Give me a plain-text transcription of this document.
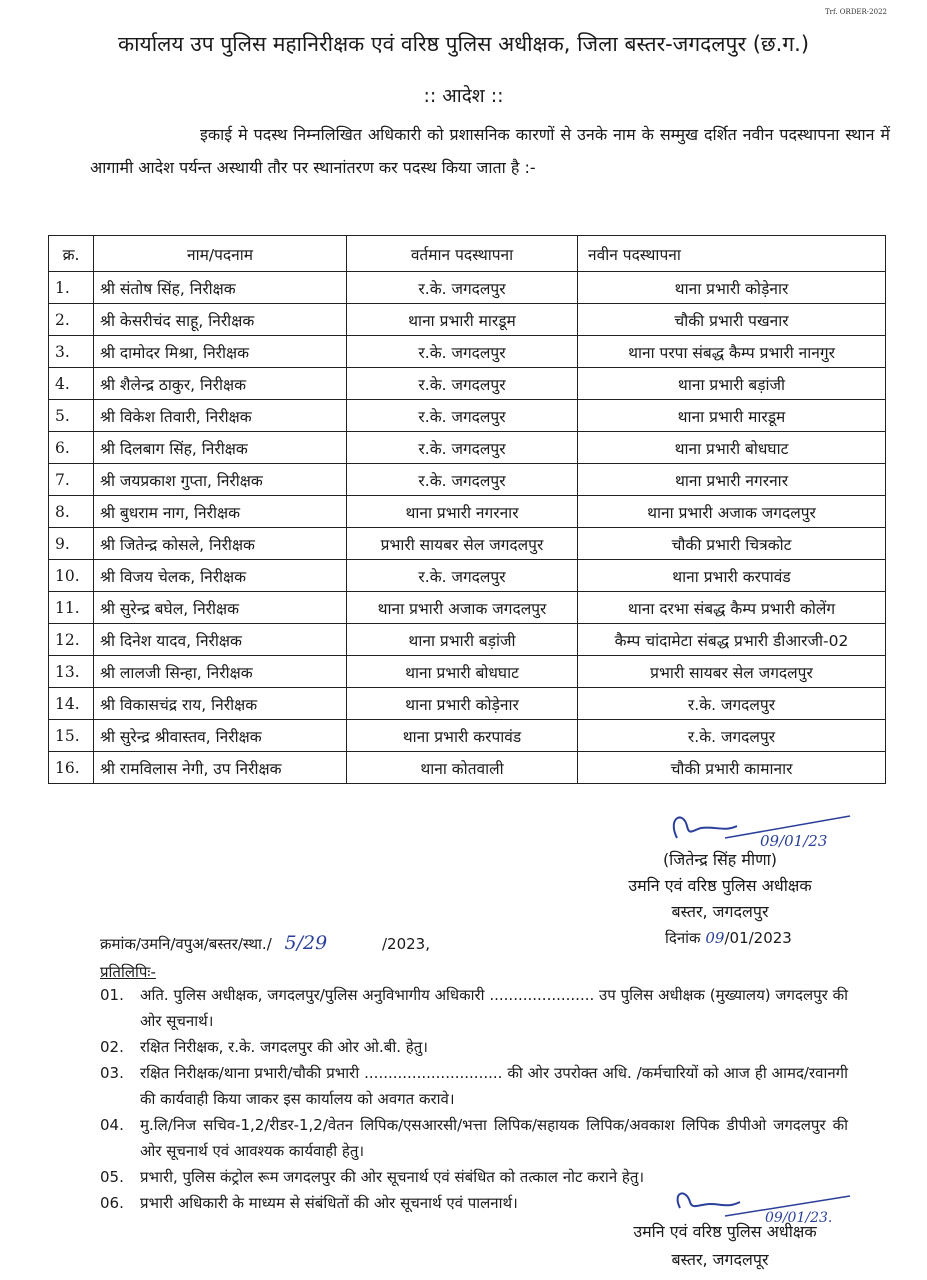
Trf. ORDER-2022
कार्यालय उप पुलिस महानिरीक्षक एवं वरिष्ठ पुलिस अधीक्षक, जिला बस्तर-जगदलपुर (छ.ग.)
:: आदेश ::
इकाई मे पदस्थ निम्नलिखित अधिकारी को प्रशासनिक कारणों से उनके नाम के सम्मुख दर्शित नवीन पदस्थापना स्थान में आगामी आदेश पर्यन्त अस्थायी तौर पर स्थानांतरण कर पदस्थ किया जाता है :-
क्र.	नाम/पदनाम	वर्तमान पदस्थापना	नवीन पदस्थापना
1.	श्री संतोष सिंह, निरीक्षक	र.के. जगदलपुर	थाना प्रभारी कोड़ेनार
2.	श्री केसरीचंद साहू, निरीक्षक	थाना प्रभारी मारडूम	चौकी प्रभारी पखनार
3.	श्री दामोदर मिश्रा, निरीक्षक	र.के. जगदलपुर	थाना परपा संबद्ध कैम्प प्रभारी नानगुर
4.	श्री शैलेन्द्र ठाकुर, निरीक्षक	र.के. जगदलपुर	थाना प्रभारी बड़ांजी
5.	श्री विकेश तिवारी, निरीक्षक	र.के. जगदलपुर	थाना प्रभारी मारडूम
6.	श्री दिलबाग सिंह, निरीक्षक	र.के. जगदलपुर	थाना प्रभारी बोधघाट
7.	श्री जयप्रकाश गुप्ता, निरीक्षक	र.के. जगदलपुर	थाना प्रभारी नगरनार
8.	श्री बुधराम नाग, निरीक्षक	थाना प्रभारी नगरनार	थाना प्रभारी अजाक जगदलपुर
9.	श्री जितेन्द्र कोसले, निरीक्षक	प्रभारी सायबर सेल जगदलपुर	चौकी प्रभारी चित्रकोट
10.	श्री विजय चेलक, निरीक्षक	र.के. जगदलपुर	थाना प्रभारी करपावंड
11.	श्री सुरेन्द्र बघेल, निरीक्षक	थाना प्रभारी अजाक जगदलपुर	थाना दरभा संबद्ध कैम्प प्रभारी कोलेंग
12.	श्री दिनेश यादव, निरीक्षक	थाना प्रभारी बड़ांजी	कैम्प चांदामेटा संबद्ध प्रभारी डीआरजी-02
13.	श्री लालजी सिन्हा, निरीक्षक	थाना प्रभारी बोधघाट	प्रभारी सायबर सेल जगदलपुर
14.	श्री विकासचंद्र राय, निरीक्षक	थाना प्रभारी कोड़ेनार	र.के. जगदलपुर
15.	श्री सुरेन्द्र श्रीवास्तव, निरीक्षक	थाना प्रभारी करपावंड	र.के. जगदलपुर
16.	श्री रामविलास नेगी, उप निरीक्षक	थाना कोतवाली	चौकी प्रभारी कामानार
09/01/23
(जितेन्द्र सिंह मीणा)
उमनि एवं वरिष्ठ पुलिस अधीक्षक
बस्तर, जगदलपुर
दिनांक 09/01/2023
क्रमांक/उमनि/वपुअ/बस्तर/स्था./ 5/29	/2023,
प्रतिलिपिः-
01.	अति. पुलिस अधीक्षक, जगदलपुर/पुलिस अनुविभागीय अधिकारी ...................... उप पुलिस अधीक्षक (मुख्यालय) जगदलपुर की ओर सूचनार्थ।
02.	रक्षित निरीक्षक, र.के. जगदलपुर की ओर ओ.बी. हेतु।
03.	रक्षित निरीक्षक/थाना प्रभारी/चौकी प्रभारी ............................. की ओर उपरोक्त अधि. /कर्मचारियों को आज ही आमद/रवानगी की कार्यवाही किया जाकर इस कार्यालय को अवगत करावे।
04.	मु.लि/निज सचिव-1,2/रीडर-1,2/वेतन लिपिक/एसआरसी/भत्ता लिपिक/सहायक लिपिक/अवकाश लिपिक डीपीओ जगदलपुर की ओर सूचनार्थ एवं आवश्यक कार्यवाही हेतु।
05.	प्रभारी, पुलिस कंट्रोल रूम जगदलपुर की ओर सूचनार्थ एवं संबंधित को तत्काल नोट कराने हेतु।
06.	प्रभारी अधिकारी के माध्यम से संबंधितों की ओर सूचनार्थ एवं पालनार्थ।
09/01/23.
उमनि एवं वरिष्ठ पुलिस अधीक्षक
बस्तर, जगदलपूर
